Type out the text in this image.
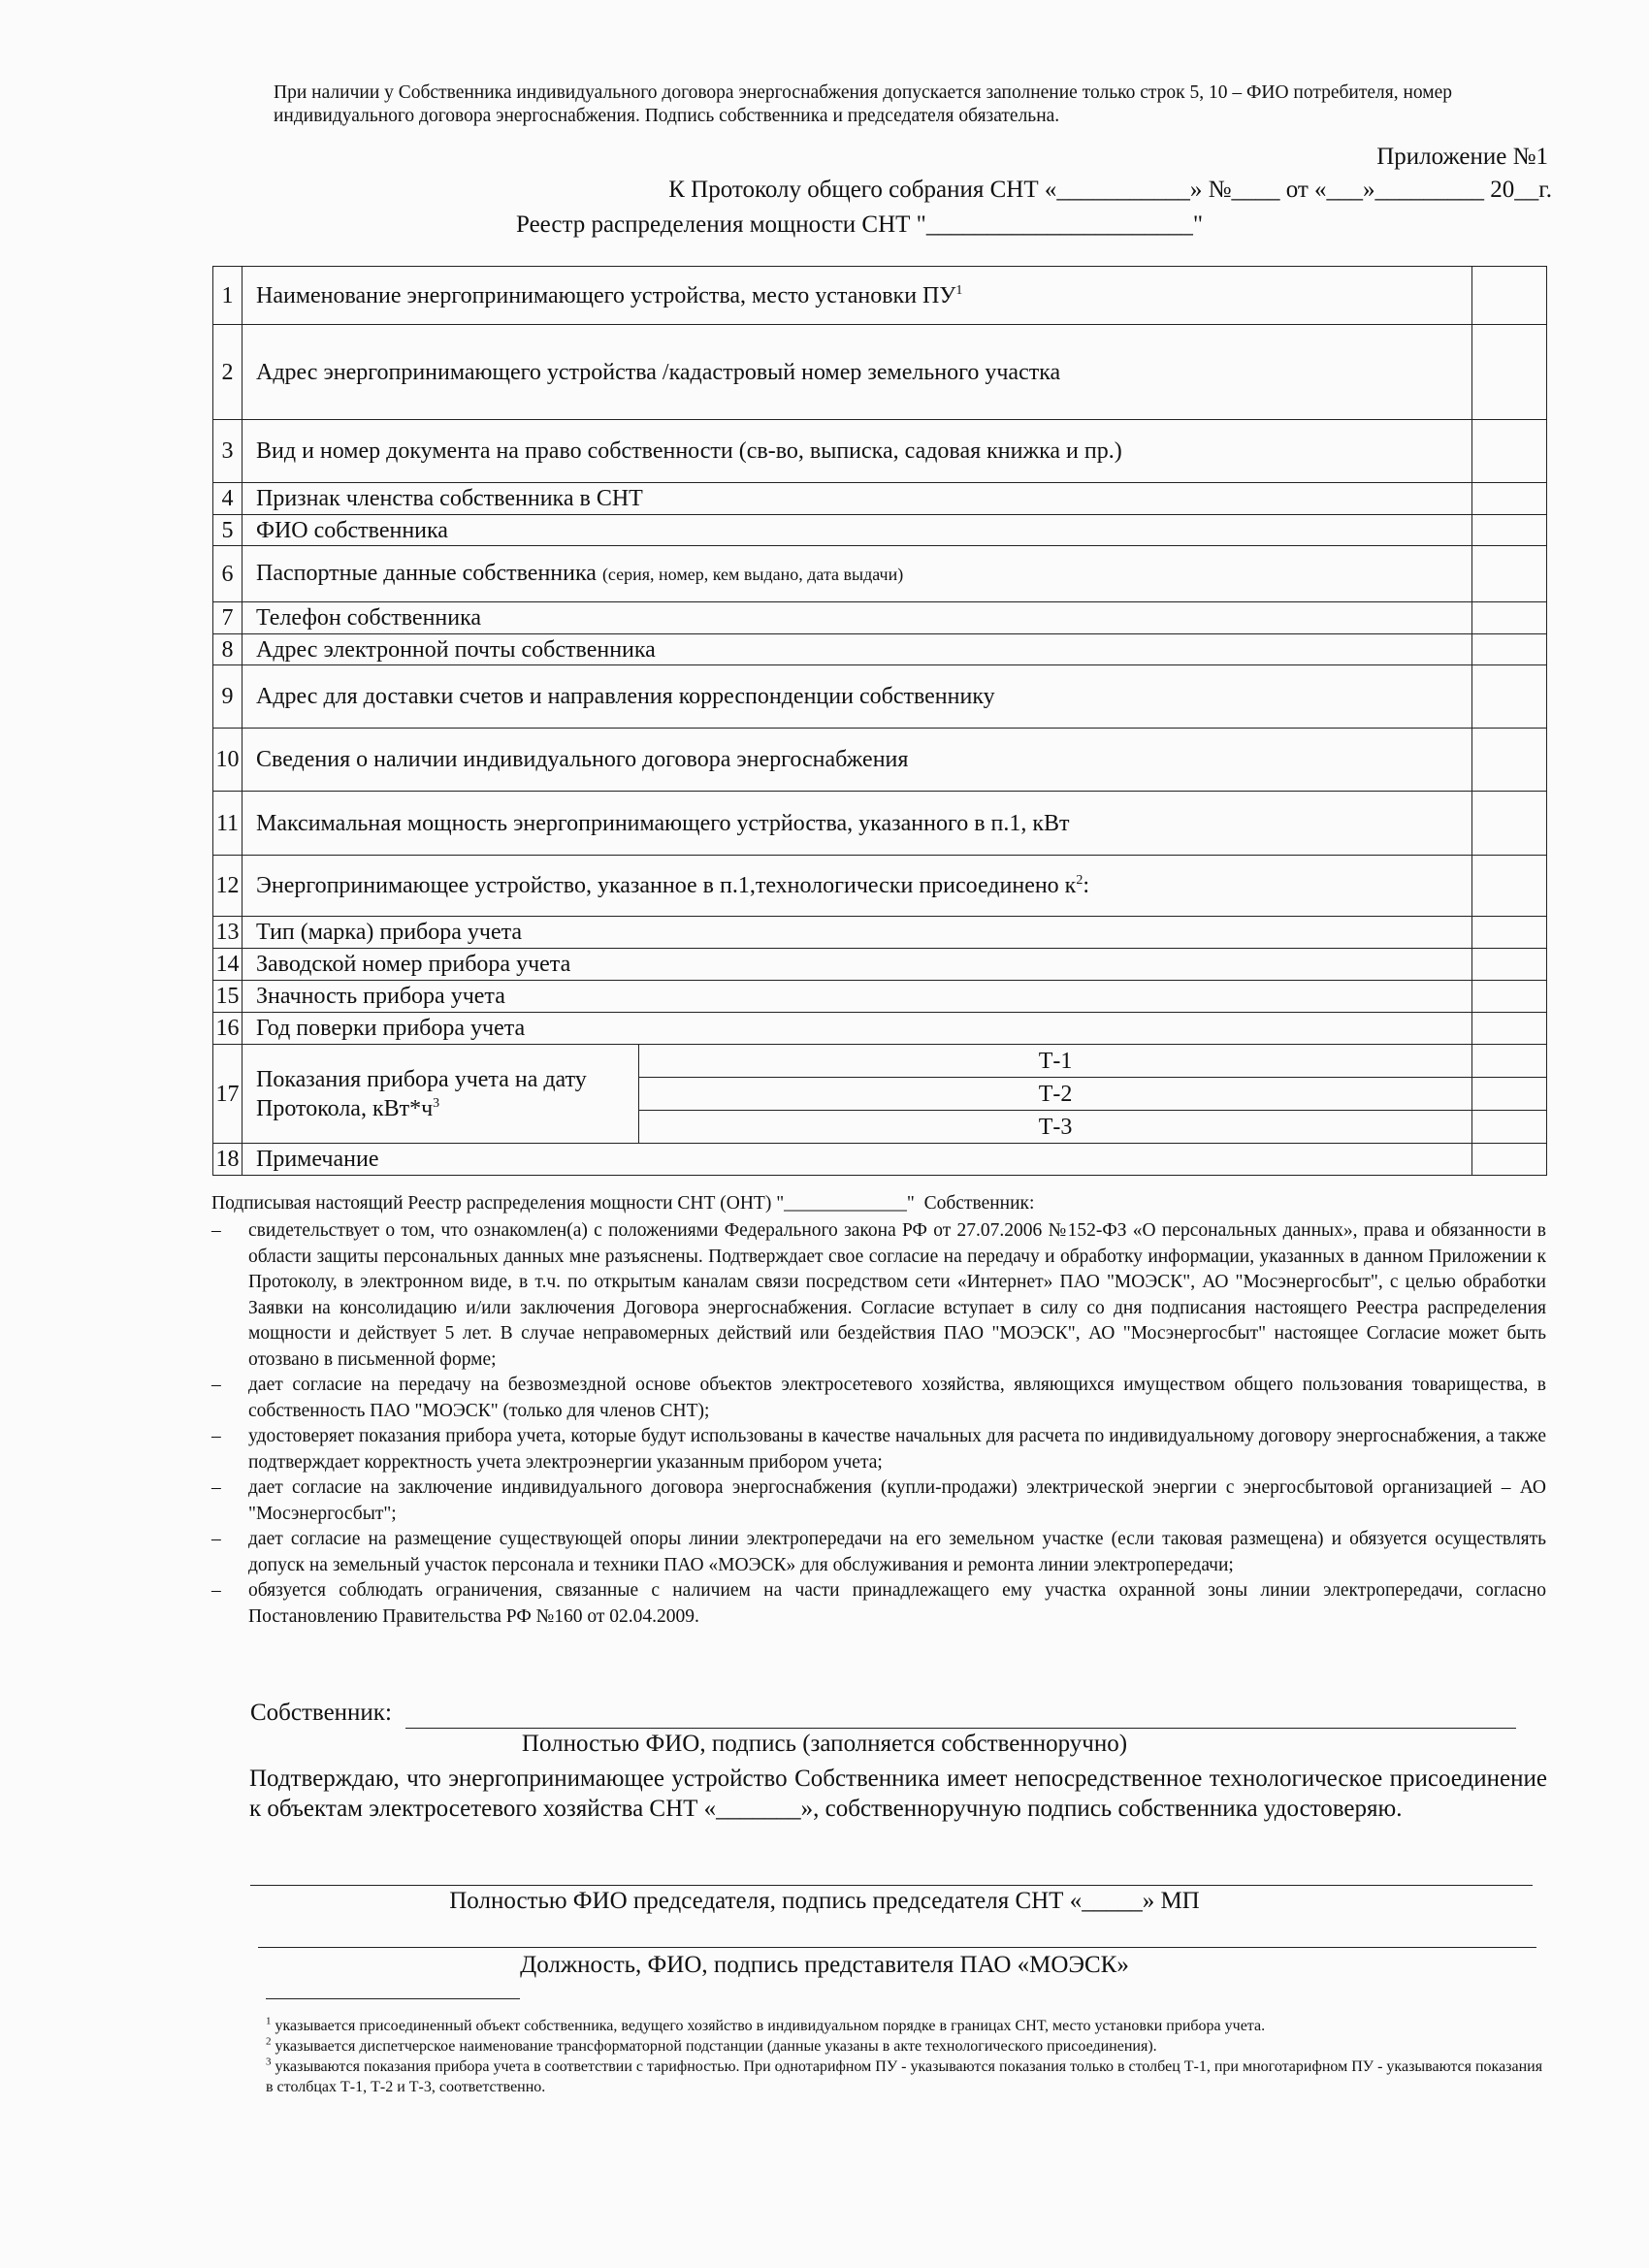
При наличии у Собственника индивидуального договора энергоснабжения допускается заполнение только строк 5, 10 – ФИО потребителя, номер индивидуального договора энергоснабжения. Подпись собственника и председателя обязательна.
Приложение №1
К Протоколу общего собрания СНТ «___________» №____ от «___»_________ 20__г.
Реестр распределения мощности СНТ "______________________"
1	Наименование энергопринимающего устройства, место установки $ПУ^1$	
2	Адрес энергопринимающего устройства /кадастровый номер земельного участка		
3	Вид и номер документа на право собственности (св-во, выписка, садовая книжка и пр.)		
4	Признак членства собственника в СНТ		
5	ФИО собственника		
6	Паспортные данные собственника (серия, номер, кем выдано, дата выдачи)		
7	Телефон собственника		
8	Адрес электронной почты собственника		
9	Адрес для доставки счетов и направления корреспонденции собственнику		
10	Сведения о наличии индивидуального договора энергоснабжения		
11	Максимальная мощность энергопринимающего устрйоства, указанного в п.1, кВт		
12	Энергопринимающее устройство, указанное в п.1,технологически присоединено $к^2$:		
13	Тип (марка) прибора учета		
14	Заводской номер прибора учета		
15	Значность прибора учета		
16	Год поверки прибора учета		
17	Показания прибора учета на дату Протокола, $кВт*ч^3$	Т-1	
		Т-2	
		Т-3	
18	Примечание		
Подписывая настоящий Реестр распределения мощности СНТ (ОНТ) "_____________"  Собственник:
– свидетельствует о том, что ознакомлен(а) с положениями Федерального закона РФ от 27.07.2006 №152-ФЗ «О персональных данных», права и обязанности в области защиты персональных данных мне разъяснены. Подтверждает свое согласие на передачу и обработку информации, указанных в данном Приложении к Протоколу, в электронном виде, в т.ч. по открытым каналам связи посредством сети «Интернет» ПАО "МОЭСК", АО "Мосэнергосбыт", с целью обработки Заявки на консолидацию и/или заключения Договора энергоснабжения. Согласие вступает в силу со дня подписания настоящего Реестра распределения мощности и действует 5 лет. В случае неправомерных действий или бездействия ПАО "МОЭСК", АО "Мосэнергосбыт" настоящее Согласие может быть отозвано в письменной форме;
– дает согласие на передачу на безвозмездной основе объектов электросетевого хозяйства, являющихся имуществом общего пользования товарищества, в собственность ПАО "МОЭСК" (только для членов СНТ);
– удостоверяет показания прибора учета, которые будут использованы в качестве начальных для расчета по индивидуальному договору энергоснабжения, а также подтверждает корректность учета электроэнергии указанным прибором учета;
– дает согласие на заключение индивидуального договора энергоснабжения (купли-продажи) электрической энергии с энергосбытовой организацией – АО "Мосэнергосбыт";
– дает согласие на размещение существующей опоры линии электропередачи на его земельном участке (если таковая размещена) и обязуется осуществлять допуск на земельный участок персонала и техники ПАО «МОЭСК» для обслуживания и ремонта линии электропередачи;
– обязуется соблюдать ограничения, связанные с наличием на части принадлежащего ему участка охранной зоны линии электропередачи, согласно Постановлению Правительства РФ №160 от 02.04.2009.
Собственник:
Полностью ФИО, подпись (заполняется собственноручно)
Подтверждаю, что энергопринимающее устройство Собственника имеет непосредственное технологическое присоединение к объектам электросетевого хозяйства СНТ «_______», собственноручную подпись собственника удостоверяю.
Полностью ФИО председателя, подпись председателя СНТ «_____» МП
Должность, ФИО, подпись представителя ПАО «МОЭСК»
$^1$ указывается присоединенный объект собственника, ведущего хозяйство в индивидуальном порядке в границах СНТ, место установки прибора учета.
$^2$ указывается диспетчерское наименование трансформаторной подстанции (данные указаны в акте технологического присоединения).
$^3$ указываются показания прибора учета в соответствии с тарифностью. При однотарифном ПУ - указываются показания только в столбец Т-1, при многотарифном ПУ - указываются показания в столбцах Т-1, Т-2 и Т-3, соответственно.
